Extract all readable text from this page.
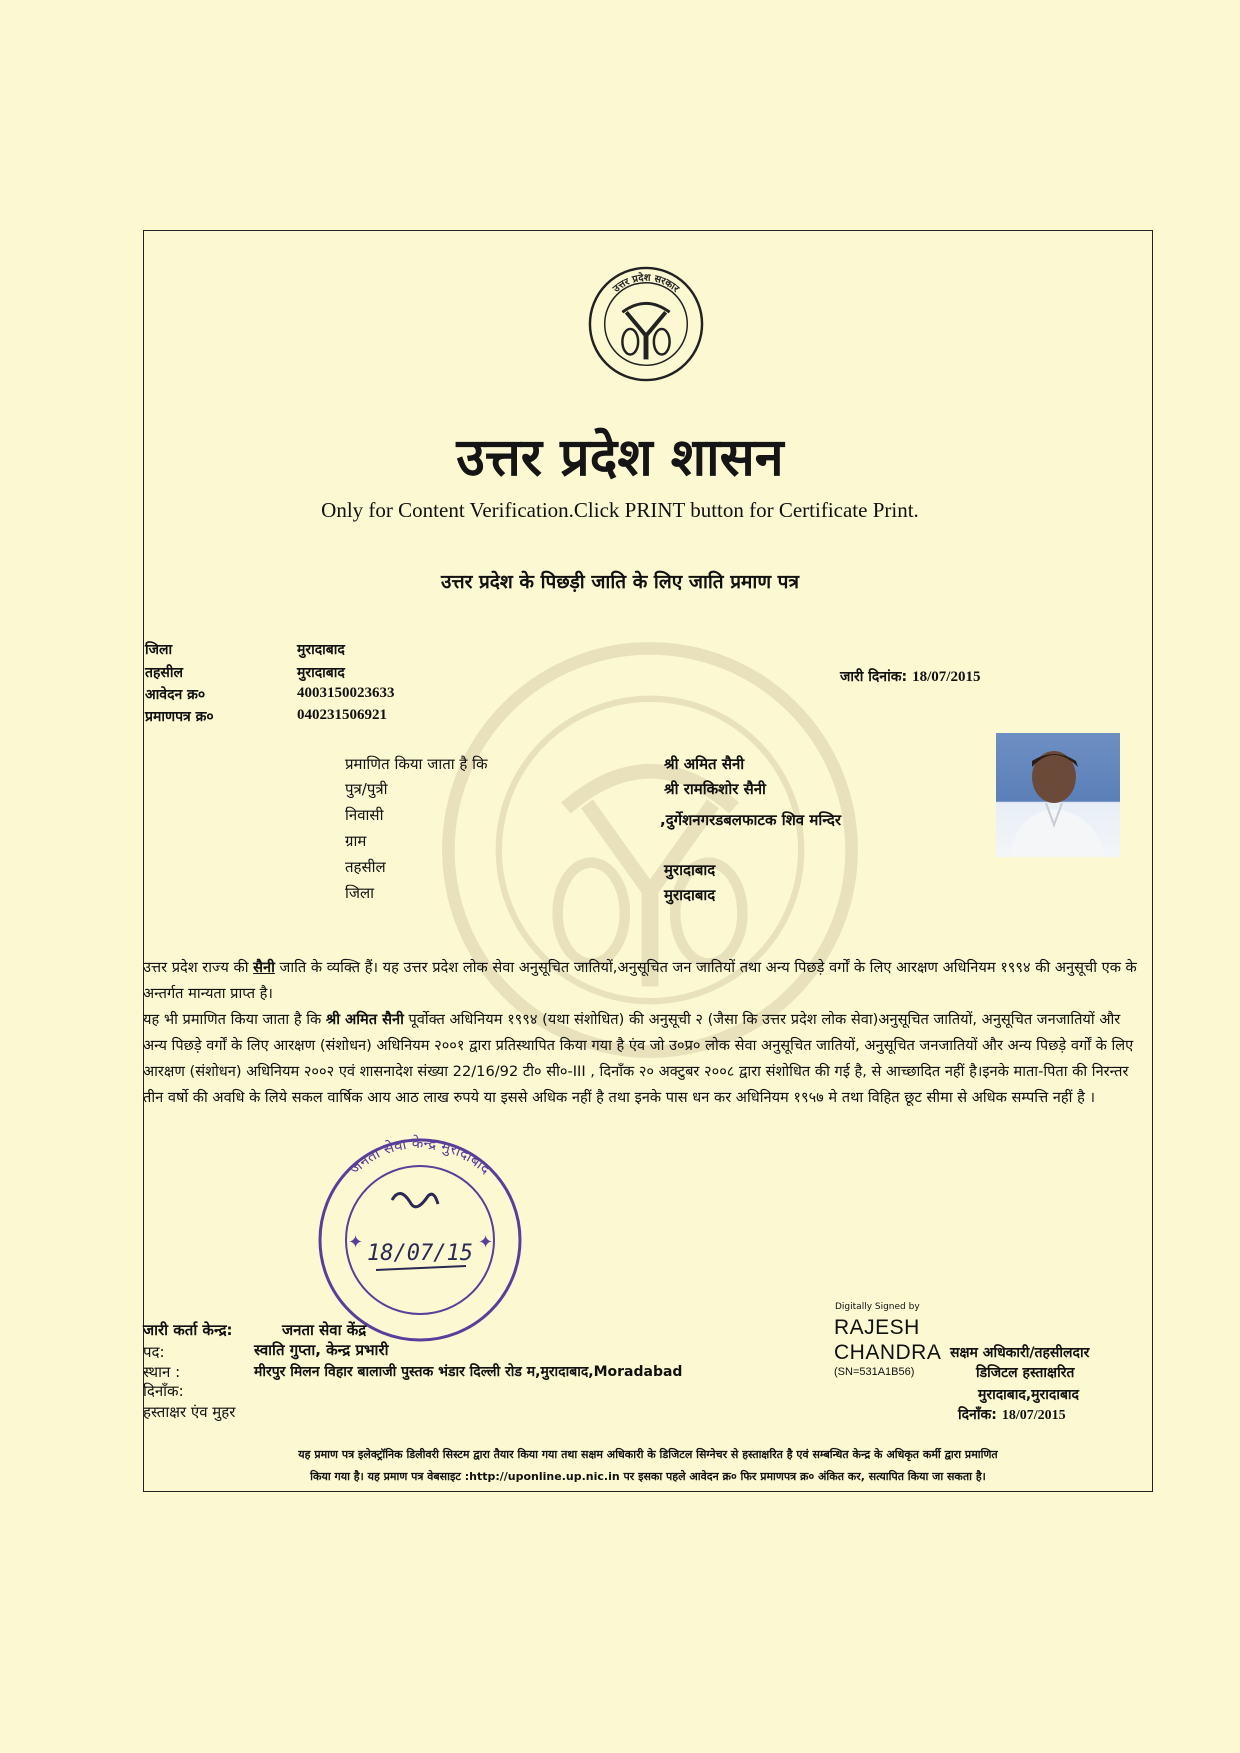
उत्तर प्रदेश सरकार
उत्तर प्रदेश शासन
Only for Content Verification.Click PRINT button for Certificate Print.
उत्तर प्रदेश के पिछड़ी जाति के लिए जाति प्रमाण पत्र
जिला	मुरादाबाद
तहसील	मुरादाबाद
आवेदन क्र०	4003150023633
प्रमाणपत्र क्र०	040231506921
जारी दिनांक: 18/07/2015
प्रमाणित किया जाता है कि	श्री अमित सैनी
पुत्र/पुत्री	श्री रामकिशोर सैनी
निवासी	,दुर्गेशनगरडबलफाटक शिव मन्दिर
ग्राम
तहसील	मुरादाबाद
जिला	मुरादाबाद

उत्तर प्रदेश राज्य की सैनी जाति के व्यक्ति हैं। यह उत्तर प्रदेश लोक सेवा अनुसूचित जातियों,अनुसूचित जन जातियों तथा अन्य पिछड़े वर्गों के लिए आरक्षण अधिनियम १९९४ की अनुसूची एक के अन्तर्गत मान्यता प्राप्त है।

यह भी प्रमाणित किया जाता है कि श्री अमित सैनी पूर्वोक्त अधिनियम १९९४ (यथा संशोधित) की अनुसूची २ (जैसा कि उत्तर प्रदेश लोक सेवा)अनुसूचित जातियों, अनुसूचित जनजातियों और अन्य पिछड़े वर्गों के लिए आरक्षण (संशोधन) अधिनियम २००१ द्वारा प्रतिस्थापित किया गया है एंव जो उ०प्र० लोक सेवा अनुसूचित जातियों, अनुसूचित जनजातियों और अन्य पिछड़े वर्गों के लिए आरक्षण (संशोधन) अधिनियम २००२ एवं शासनादेश संख्या 22/16/92 टी० सी०-III , दिनाँक २० अक्टुबर २००८ द्वारा संशोधित की गई है, से आच्छादित नहीं है।इनके माता-पिता की निरन्तर तीन वर्षो की अवधि के लिये सकल वार्षिक आय आठ लाख रुपये या इससे अधिक नहीं है तथा इनके पास धन कर अधिनियम १९५७ मे तथा विहित छूट सीमा से अधिक सम्पत्ति नहीं है ।

जनता सेवा केन्द्र मुरादाबाद
✦	✦
18/07/15
जारी कर्ता केन्द्र:	जनता सेवा केंद्र
पद:	स्वाति गुप्ता, केन्द्र प्रभारी
स्थान :	मीरपुर मिलन विहार बालाजी पुस्तक भंडार दिल्ली रोड म,मुरादाबाद,Moradabad
दिनाँक:
हस्ताक्षर एंव मुहर
Digitally Signed by
RAJESH
CHANDRA
(SN=531A1B56)
सक्षम अधिकारी/तहसीलदार
डिजिटल हस्ताक्षरित
मुरादाबाद,मुरादाबाद
दिनाँक: 18/07/2015
यह प्रमाण पत्र इलेक्ट्रॉनिक डिलीवरी सिस्टम द्वारा तैयार किया गया तथा सक्षम अधिकारी के डिजिटल सिग्नेचर से हस्ताक्षरित है एवं सम्बन्धित केन्द्र के अधिकृत कर्मी द्वारा प्रमाणित
किया गया है। यह प्रमाण पत्र वेबसाइट :http://uponline.up.nic.in पर इसका पहले आवेदन क्र० फिर प्रमाणपत्र क्र० अंकित कर, सत्यापित किया जा सकता है।
